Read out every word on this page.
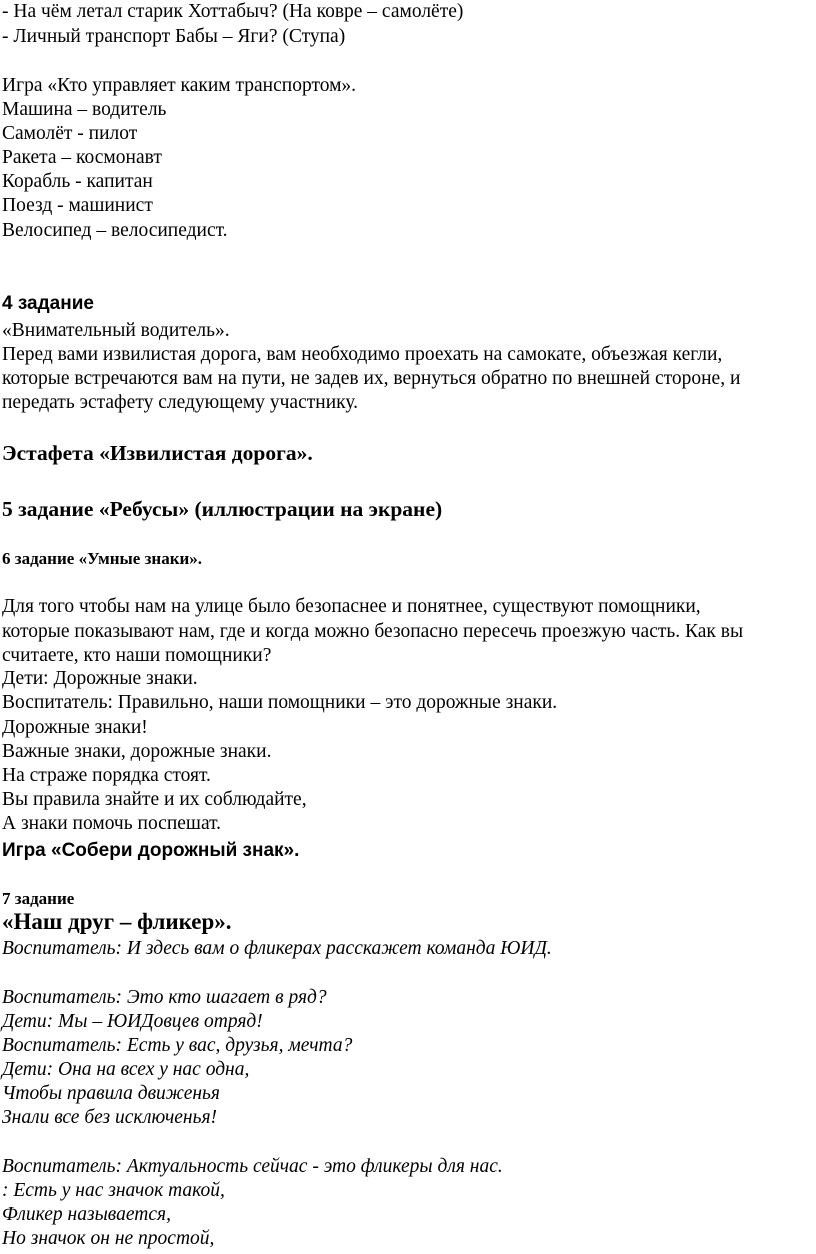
- На чём летал старик Хоттабыч? (На ковре – самолёте)
- Личный транспорт Бабы – Яги? (Ступа)
Игра «Кто управляет каким транспортом».
Машина – водитель
Самолёт - пилот
Ракета – космонавт
Корабль - капитан
Поезд - машинист
Велосипед – велосипедист.
4 задание
«Внимательный водитель».
Перед вами извилистая дорога, вам необходимо проехать на самокате, объезжая кегли,
которые встречаются вам на пути, не задев их, вернуться обратно по внешней стороне, и
передать эстафету следующему участнику.
Эстафета «Извилистая дорога».
5 задание «Ребусы» (иллюстрации на экране)
6 задание «Умные знаки».
Для того чтобы нам на улице было безопаснее и понятнее, существуют помощники,
которые показывают нам, где и когда можно безопасно пересечь проезжую часть. Как вы
считаете, кто наши помощники?
Дети: Дорожные знаки.
Воспитатель: Правильно, наши помощники – это дорожные знаки.
Дорожные знаки!
Важные знаки, дорожные знаки.
На страже порядка стоят.
Вы правила знайте и их соблюдайте,
А знаки помочь поспешат.
Игра «Собери дорожный знак».
7 задание
«Наш друг – фликер».
Воспитатель: И здесь вам о фликерах расскажет команда ЮИД.
Воспитатель: Это кто шагает в ряд?
Дети: Мы – ЮИДовцев отряд!
Воспитатель: Есть у вас, друзья, мечта?
Дети: Она на всех у нас одна,
Чтобы правила движенья
Знали все без исключенья!
Воспитатель: Актуальность сейчас - это фликеры для нас.
: Есть у нас значок такой,
Фликер называется,
Но значок он не простой,
